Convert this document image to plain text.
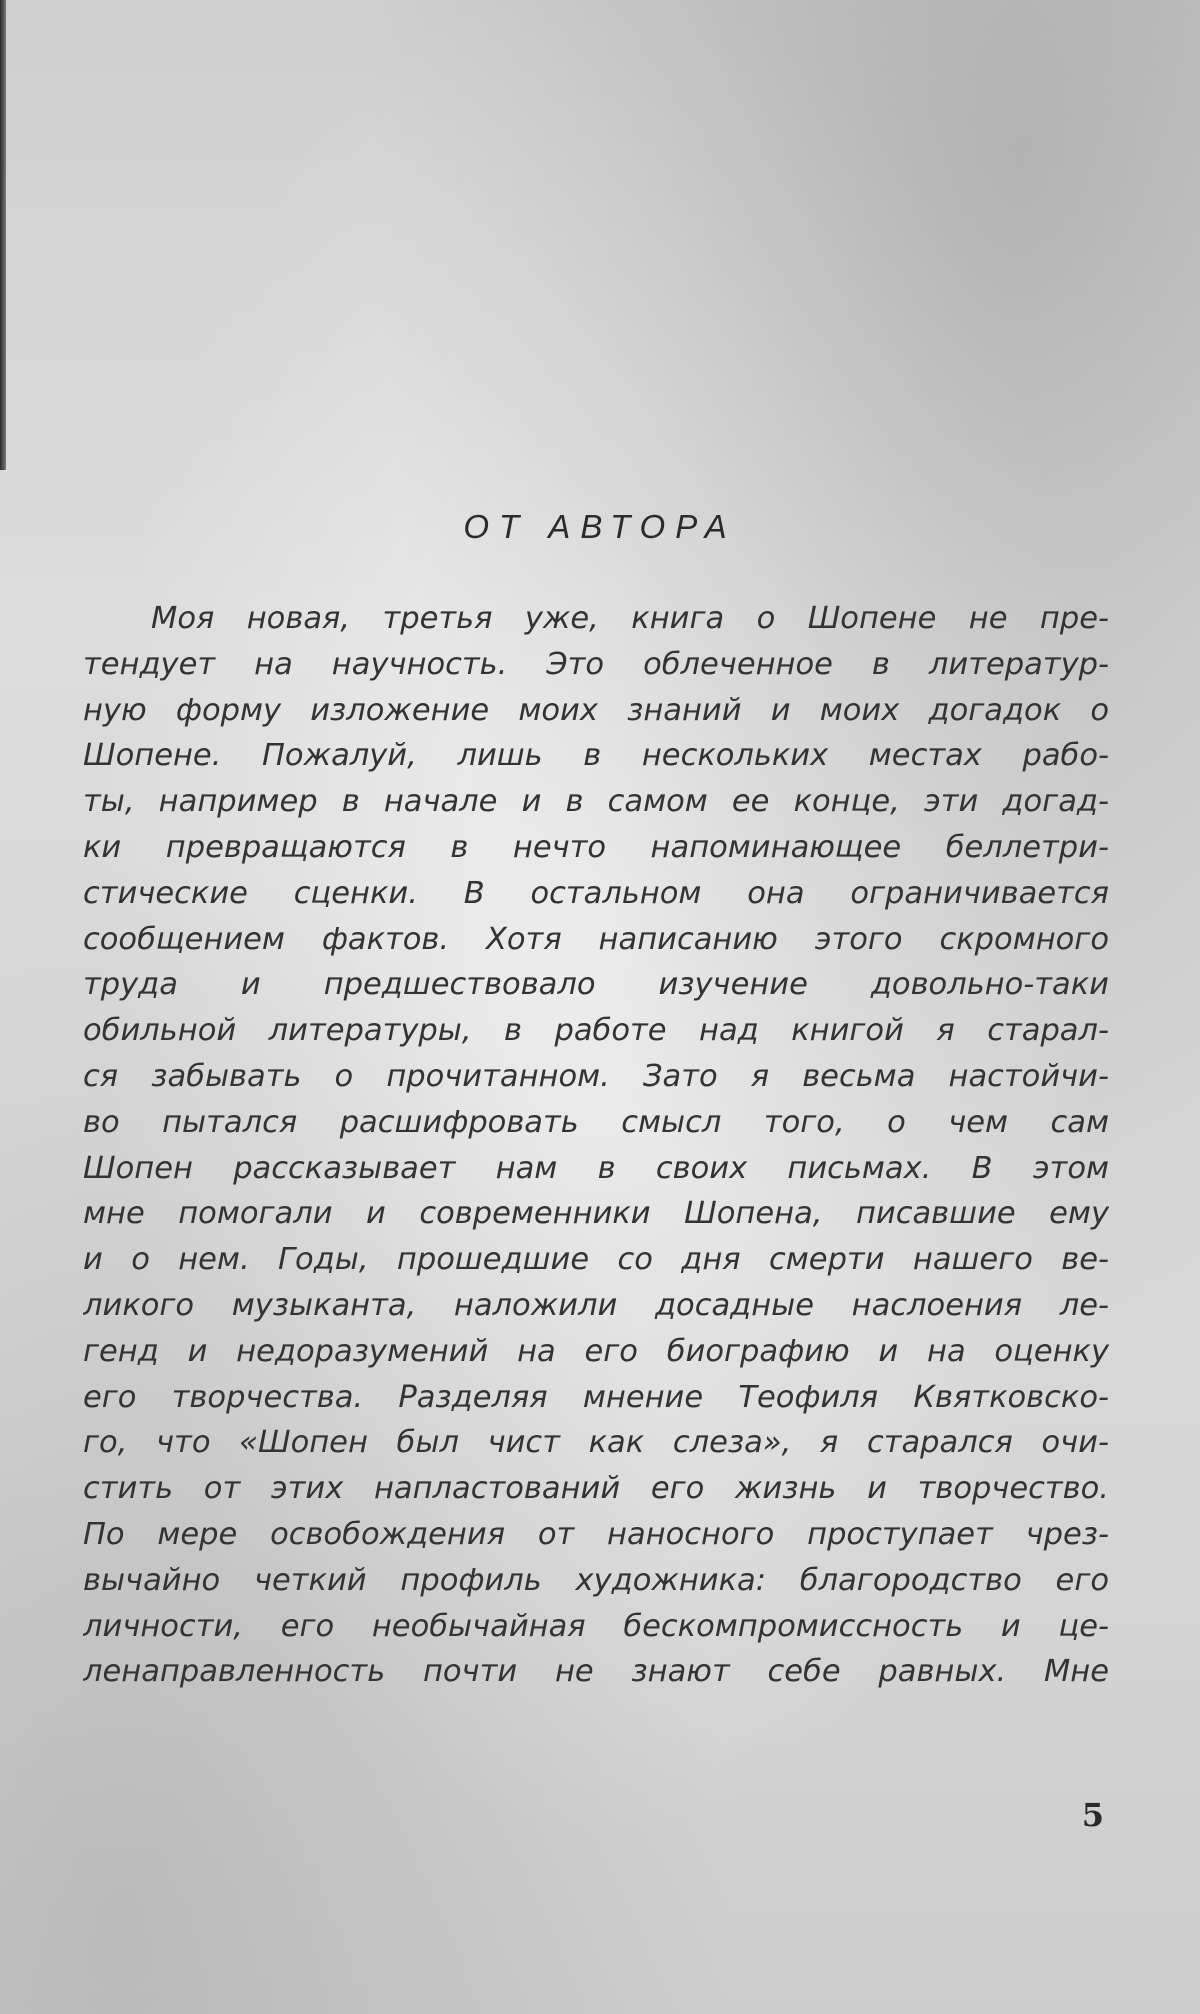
ОТ АВТОРА
Моя новая, третья уже, книга о Шопене не пре-
тендует на научность. Это облеченное в литератур-
ную форму изложение моих знаний и моих догадок о
Шопене. Пожалуй, лишь в нескольких местах рабо-
ты, например в начале и в самом ее конце, эти догад-
ки превращаются в нечто напоминающее беллетри-
стические сценки. В остальном она ограничивается
сообщением фактов. Хотя написанию этого скромного
труда и предшествовало изучение довольно-таки
обильной литературы, в работе над книгой я старал-
ся забывать о прочитанном. Зато я весьма настойчи-
во пытался расшифровать смысл того, о чем сам
Шопен рассказывает нам в своих письмах. В этом
мне помогали и современники Шопена, писавшие ему
и о нем. Годы, прошедшие со дня смерти нашего ве-
ликого музыканта, наложили досадные наслоения ле-
генд и недоразумений на его биографию и на оценку
его творчества. Разделяя мнение Теофиля Квятковско-
го, что «Шопен был чист как слеза», я старался очи-
стить от этих напластований его жизнь и творчество.
По мере освобождения от наносного проступает чрез-
вычайно четкий профиль художника: благородство его
личности, его необычайная бескомпромиссность и це-
ленаправленность почти не знают себе равных. Мне
5
